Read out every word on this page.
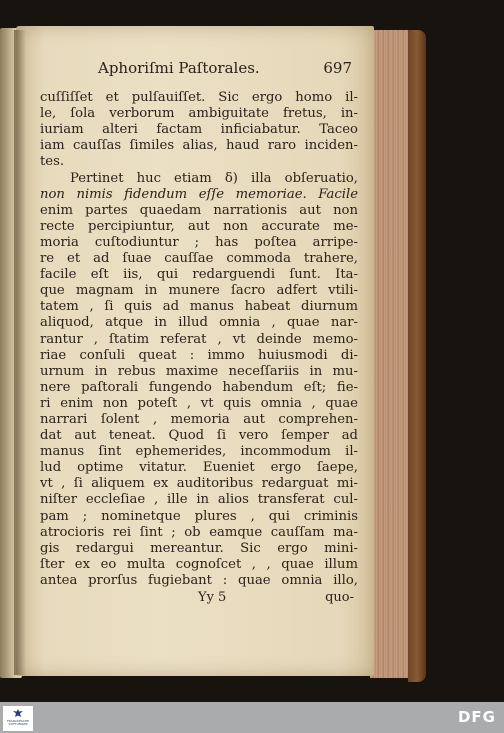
Aphoriſmi Paſtorales.	697
cuſſiſſet et pulſauiſſet. Sic ergo homo il-
le, ſola verborum ambiguitate fretus, in-
iuriam alteri factam inficiabatur. Taceo
iam cauſſas ſimiles alias, haud raro inciden-
tes.
Pertinet huc etiam δ) illa obſeruatio,
non nimis fidendum eſſe memoriae. Facile
enim partes quaedam narrationis aut non
recte percipiuntur, aut non accurate me-
moria cuſtodiuntur ; has poſtea arripe-
re et ad ſuae cauſſae commoda trahere,
facile eſt iis, qui redarguendi ſunt. Ita-
que magnam in munere ſacro adfert vtili-
tatem , ſi quis ad manus habeat diurnum
aliquod, atque in illud omnia , quae nar-
rantur , ſtatim referat , vt deinde memo-
riae conſuli queat : immo huiusmodi di-
urnum in rebus maxime neceſſariis in mu-
nere paſtorali fungendo habendum eſt; fie-
ri enim non poteſt , vt quis omnia , quae
narrari ſolent , memoria aut comprehen-
dat aut teneat. Quod ſi vero ſemper ad
manus ſint ephemerides, incommodum il-
lud optime vitatur. Eueniet ergo ſaepe,
vt , ſi aliquem ex auditoribus redarguat mi-
niſter eccleſiae , ille in alios transferat cul-
pam ; nominetque plures , qui criminis
atrocioris rei ſint ; ob eamque cauſſam ma-
gis redargui mereantur. Sic ergo mini-
ſter ex eo multa cognoſcet , , quae illum
antea prorſus fugiebant : quae omnia illo,
Yy 5	quo-
FRANCKESCHE STIFTUNGEN	DFG
